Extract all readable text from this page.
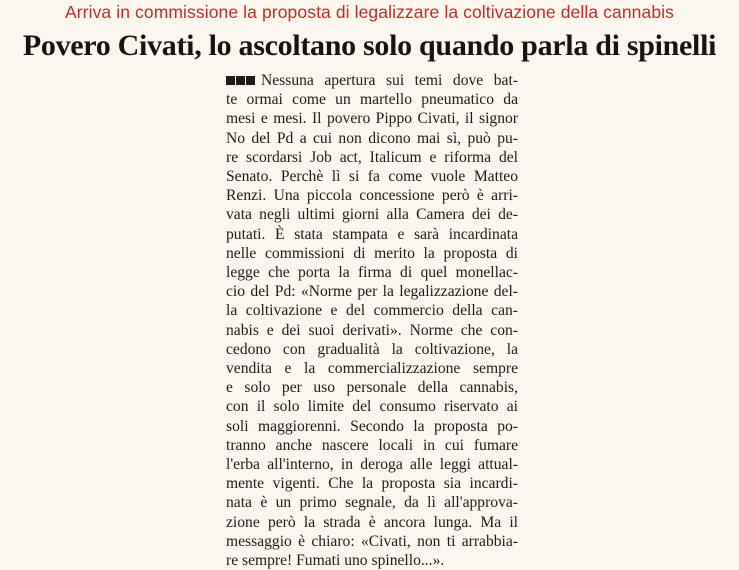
Arriva in commissione la proposta di legalizzare la coltivazione della cannabis
Povero Civati, lo ascoltano solo quando parla di spinelli
Nessuna apertura sui temi dove bat-
te ormai come un martello pneumatico da
mesi e mesi. Il povero Pippo Civati, il signor
No del Pd a cui non dicono mai sì, può pu-
re scordarsi Job act, Italicum e riforma del
Senato. Perchè lì si fa come vuole Matteo
Renzi. Una piccola concessione però è arri-
vata negli ultimi giorni alla Camera dei de-
putati. È stata stampata e sarà incardinata
nelle commissioni di merito la proposta di
legge che porta la firma di quel monellac-
cio del Pd: «Norme per la legalizzazione del-
la coltivazione e del commercio della can-
nabis e dei suoi derivati». Norme che con-
cedono con gradualità la coltivazione, la
vendita e la commercializzazione sempre
e solo per uso personale della cannabis,
con il solo limite del consumo riservato ai
soli maggiorenni. Secondo la proposta po-
tranno anche nascere locali in cui fumare
l'erba all'interno, in deroga alle leggi attual-
mente vigenti. Che la proposta sia incardi-
nata è un primo segnale, da lì all'approva-
zione però la strada è ancora lunga. Ma il
messaggio è chiaro: «Civati, non ti arrabbia-
re sempre! Fumati uno spinello...».
